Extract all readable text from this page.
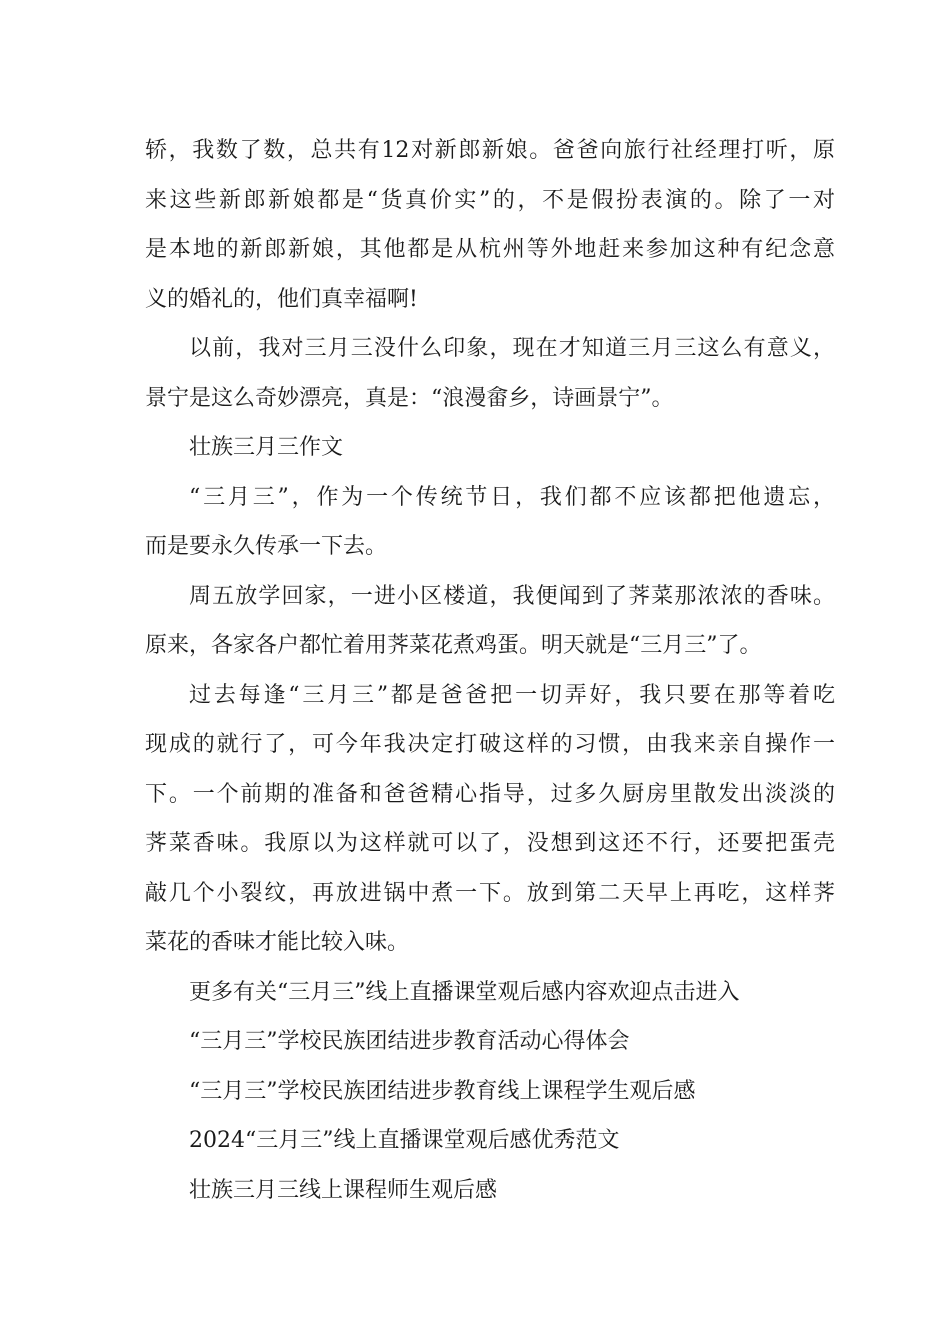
轿，我数了数，总共有12对新郎新娘。爸爸向旅行社经理打听，原
来这些新郎新娘都是“货真价实”的，不是假扮表演的。除了一对
是本地的新郎新娘，其他都是从杭州等外地赶来参加这种有纪念意
义的婚礼的，他们真幸福啊!
以前，我对三月三没什么印象，现在才知道三月三这么有意义，
景宁是这么奇妙漂亮，真是：“浪漫畲乡，诗画景宁”。
壮族三月三作文
“三月三”，作为一个传统节日，我们都不应该都把他遗忘，
而是要永久传承一下去。
周五放学回家，一进小区楼道，我便闻到了荠菜那浓浓的香味。
原来，各家各户都忙着用荠菜花煮鸡蛋。明天就是“三月三”了。
过去每逢“三月三”都是爸爸把一切弄好，我只要在那等着吃
现成的就行了，可今年我决定打破这样的习惯，由我来亲自操作一
下。一个前期的准备和爸爸精心指导，过多久厨房里散发出淡淡的
荠菜香味。我原以为这样就可以了，没想到这还不行，还要把蛋壳
敲几个小裂纹，再放进锅中煮一下。放到第二天早上再吃，这样荠
菜花的香味才能比较入味。
更多有关“三月三”线上直播课堂观后感内容欢迎点击进入
“三月三”学校民族团结进步教育活动心得体会
“三月三”学校民族团结进步教育线上课程学生观后感
2024“三月三”线上直播课堂观后感优秀范文
壮族三月三线上课程师生观后感
